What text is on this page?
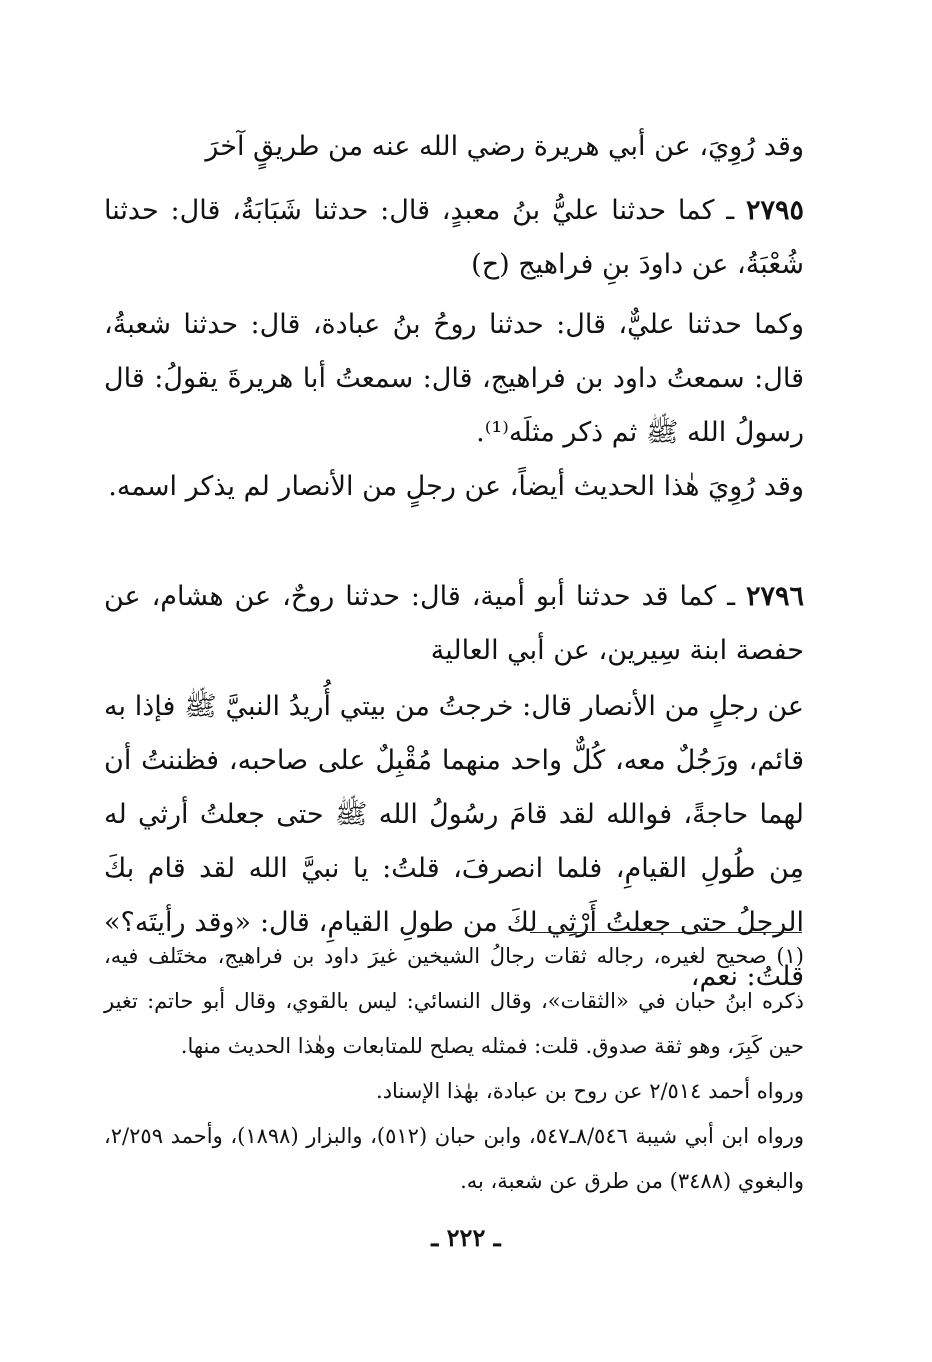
وقد رُوِيَ، عن أبي هريرة رضي الله عنه من طريقٍ آخرَ

٢٧٩٥ ـ كما حدثنا عليُّ بنُ معبدٍ، قال: حدثنا شَبَابَةُ، قال: حدثنا شُعْبَةُ، عن داودَ بنِ فراهيج (ح)

وكما حدثنا عليٌّ، قال: حدثنا روحُ بنُ عبادة، قال: حدثنا شعبةُ، قال: سمعتُ داود بن فراهيج، قال: سمعتُ أبا هريرةَ يقولُ: قال رسولُ الله ﷺ ثم ذكر مثلَه⁽¹⁾.

وقد رُوِيَ هٰذا الحديث أيضاً، عن رجلٍ من الأنصار لم يذكر اسمه.

٢٧٩٦ ـ كما قد حدثنا أبو أمية، قال: حدثنا روحٌ، عن هشام، عن حفصة ابنة سِيرين، عن أبي العالية

عن رجلٍ من الأنصار قال: خرجتُ من بيتي أُريدُ النبيَّ ﷺ فإذا به قائم، ورَجُلٌ معه، كُلٌّ واحد منهما مُقْبِلٌ على صاحبه، فظننتُ أن لهما حاجةً، فوالله لقد قامَ رسُولُ الله ﷺ حتى جعلتُ أرثي له مِن طُولِ القيامِ، فلما انصرفَ، قلتُ: يا نبيَّ الله لقد قام بكَ الرجلُ حتى جعلتُ أَرْثِي لكَ من طولِ القيامِ، قال: «وقد رأيتَه؟» قلتُ: نعم،

(١) صحيح لغيره، رجاله ثقات رجالُ الشيخين غيرَ داود بن فراهيج، مختَلف فيه، ذكره ابنُ حبان في «الثقات»، وقال النسائي: ليس بالقوي، وقال أبو حاتم: تغير حين كَبِرَ، وهو ثقة صدوق. قلت: فمثله يصلح للمتابعات وهٰذا الحديث منها.

ورواه أحمد ٢/٥١٤ عن روح بن عبادة، بهٰذا الإسناد.

ورواه ابن أبي شيبة ٨/٥٤٦ـ٥٤٧، وابن حبان (٥١٢)، والبزار (١٨٩٨)، وأحمد ٢/٢٥٩، والبغوي (٣٤٨٨) من طرق عن شعبة، به.

ـ ٢٢٢ ـ
